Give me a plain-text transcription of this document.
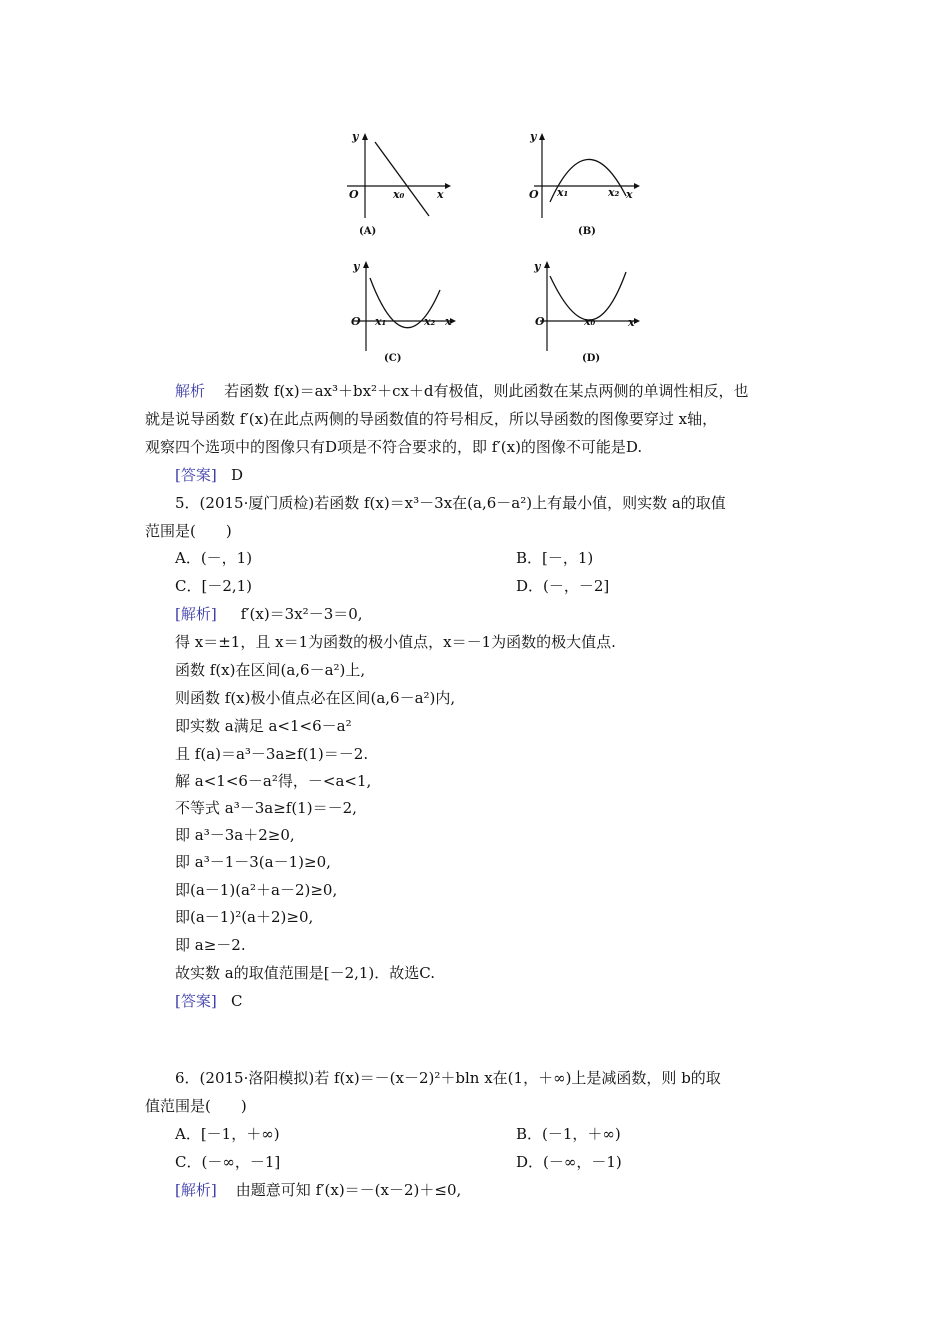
y
O	x
x₀
(A)
y
O	x
x₁	x₂
(B)
y
O	x
x₁	x₂
(C)
y
O	x
x₀
(D)
解析 若函数 f(x)＝ax³＋bx²＋cx＋d有极值，则此函数在某点两侧的单调性相反，也
就是说导函数 f′(x)在此点两侧的导函数值的符号相反，所以导函数的图像要穿过 x轴，
观察四个选项中的图像只有D项是不符合要求的，即 f′(x)的图像不可能是D.
[答案] D
5．(2015·厦门质检)若函数 f(x)＝x³－3x在(a,6－a²)上有最小值，则实数 a的取值
范围是(　　)
A．(－，1)	B．[－，1)
C．[－2,1)	D．(－，－2]
[解析] f′(x)＝3x²－3＝0,
得 x＝±1，且 x＝1为函数的极小值点，x＝－1为函数的极大值点.
函数 f(x)在区间(a,6－a²)上,
则函数 f(x)极小值点必在区间(a,6－a²)内,
即实数 a满足 a<1<6－a²
且 f(a)＝a³－3a≥f(1)＝－2.
解 a<1<6－a²得，－<a<1,
不等式 a³－3a≥f(1)＝－2,
即 a³－3a＋2≥0,
即 a³－1－3(a－1)≥0,
即(a－1)(a²＋a－2)≥0,
即(a－1)²(a＋2)≥0,
即 a≥－2.
故实数 a的取值范围是[－2,1)．故选C.
[答案] C
6．(2015·洛阳模拟)若 f(x)＝－(x－2)²＋bln x在(1，＋∞)上是减函数，则 b的取
值范围是(　　)
A．[－1，＋∞)	B．(－1，＋∞)
C．(－∞，－1]	D．(－∞，－1)
[解析] 由题意可知 f′(x)＝－(x－2)＋≤0,
